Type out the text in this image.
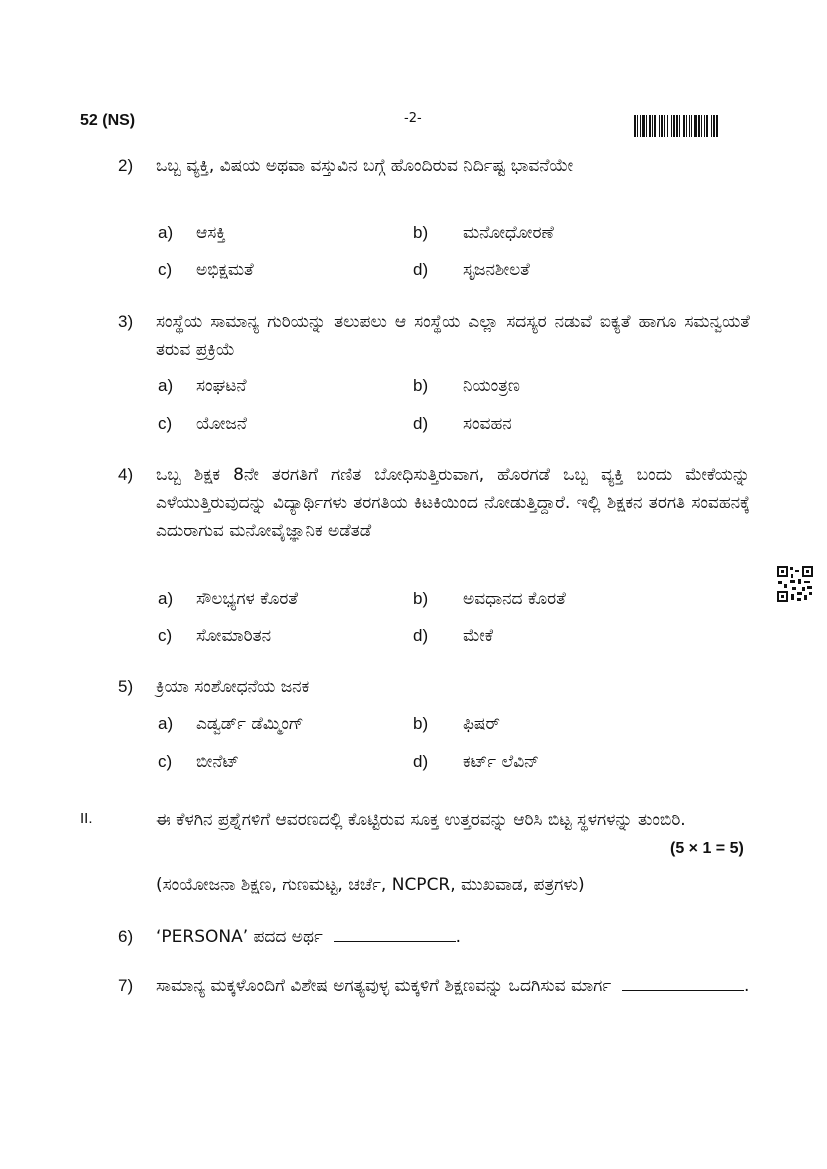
52 (NS)	-2-
2) ಒಬ್ಬ ವ್ಯಕ್ತಿ, ವಿಷಯ ಅಥವಾ ವಸ್ತುವಿನ ಬಗ್ಗೆ ಹೊಂದಿರುವ ನಿರ್ದಿಷ್ಟ ಭಾವನೆಯೇ
a) ಆಸಕ್ತಿ	b) ಮನೋಧೋರಣೆ
c) ಅಭಿಕ್ಷಮತೆ	d) ಸೃಜನಶೀಲತೆ
3) ಸಂಸ್ಥೆಯ ಸಾಮಾನ್ಯ ಗುರಿಯನ್ನು ತಲುಪಲು ಆ ಸಂಸ್ಥೆಯ ಎಲ್ಲಾ ಸದಸ್ಯರ ನಡುವೆ ಐಕ್ಯತೆ ಹಾಗೂ ಸಮನ್ವಯತೆ ತರುವ ಪ್ರಕ್ರಿಯೆ
a) ಸಂಘಟನೆ	b) ನಿಯಂತ್ರಣ
c) ಯೋಜನೆ	d) ಸಂವಹನ
4) ಒಬ್ಬ ಶಿಕ್ಷಕ 8ನೇ ತರಗತಿಗೆ ಗಣಿತ ಬೋಧಿಸುತ್ತಿರುವಾಗ, ಹೊರಗಡೆ ಒಬ್ಬ ವ್ಯಕ್ತಿ ಬಂದು ಮೇಕೆಯನ್ನು ಎಳೆಯುತ್ತಿರುವುದನ್ನು ವಿದ್ಯಾರ್ಥಿಗಳು ತರಗತಿಯ ಕಿಟಕಿಯಿಂದ ನೋಡುತ್ತಿದ್ದಾರೆ. ಇಲ್ಲಿ ಶಿಕ್ಷಕನ ತರಗತಿ ಸಂವಹನಕ್ಕೆ ಎದುರಾಗುವ ಮನೋವೈಜ್ಞಾನಿಕ ಅಡೆತಡೆ
a) ಸೌಲಭ್ಯಗಳ ಕೊರತೆ	b) ಅವಧಾನದ ಕೊರತೆ
c) ಸೋಮಾರಿತನ	d) ಮೇಕೆ
5) ಕ್ರಿಯಾ ಸಂಶೋಧನೆಯ ಜನಕ
a) ಎಡ್ವರ್ಡ್ ಡೆಮ್ಮಿಂಗ್	b) ಫಿಷರ್
c) ಬೀನೆಟ್	d) ಕರ್ಟ್ ಲೆವಿನ್
II.	ಈ ಕೆಳಗಿನ ಪ್ರಶ್ನೆಗಳಿಗೆ ಆವರಣದಲ್ಲಿ ಕೊಟ್ಟಿರುವ ಸೂಕ್ತ ಉತ್ತರವನ್ನು ಆರಿಸಿ ಬಿಟ್ಟ ಸ್ಥಳಗಳನ್ನು ತುಂಬಿರಿ.
(5 × 1 = 5)
(ಸಂಯೋಜನಾ ಶಿಕ್ಷಣ, ಗುಣಮಟ್ಟ, ಚರ್ಚೆ, NCPCR, ಮುಖವಾಡ, ಪತ್ರಗಳು)
6) ‘PERSONA’ ಪದದ ಅರ್ಥ	.
7) ಸಾಮಾನ್ಯ ಮಕ್ಕಳೊಂದಿಗೆ ವಿಶೇಷ ಅಗತ್ಯವುಳ್ಳ ಮಕ್ಕಳಿಗೆ ಶಿಕ್ಷಣವನ್ನು ಒದಗಿಸುವ ಮಾರ್ಗ	.
